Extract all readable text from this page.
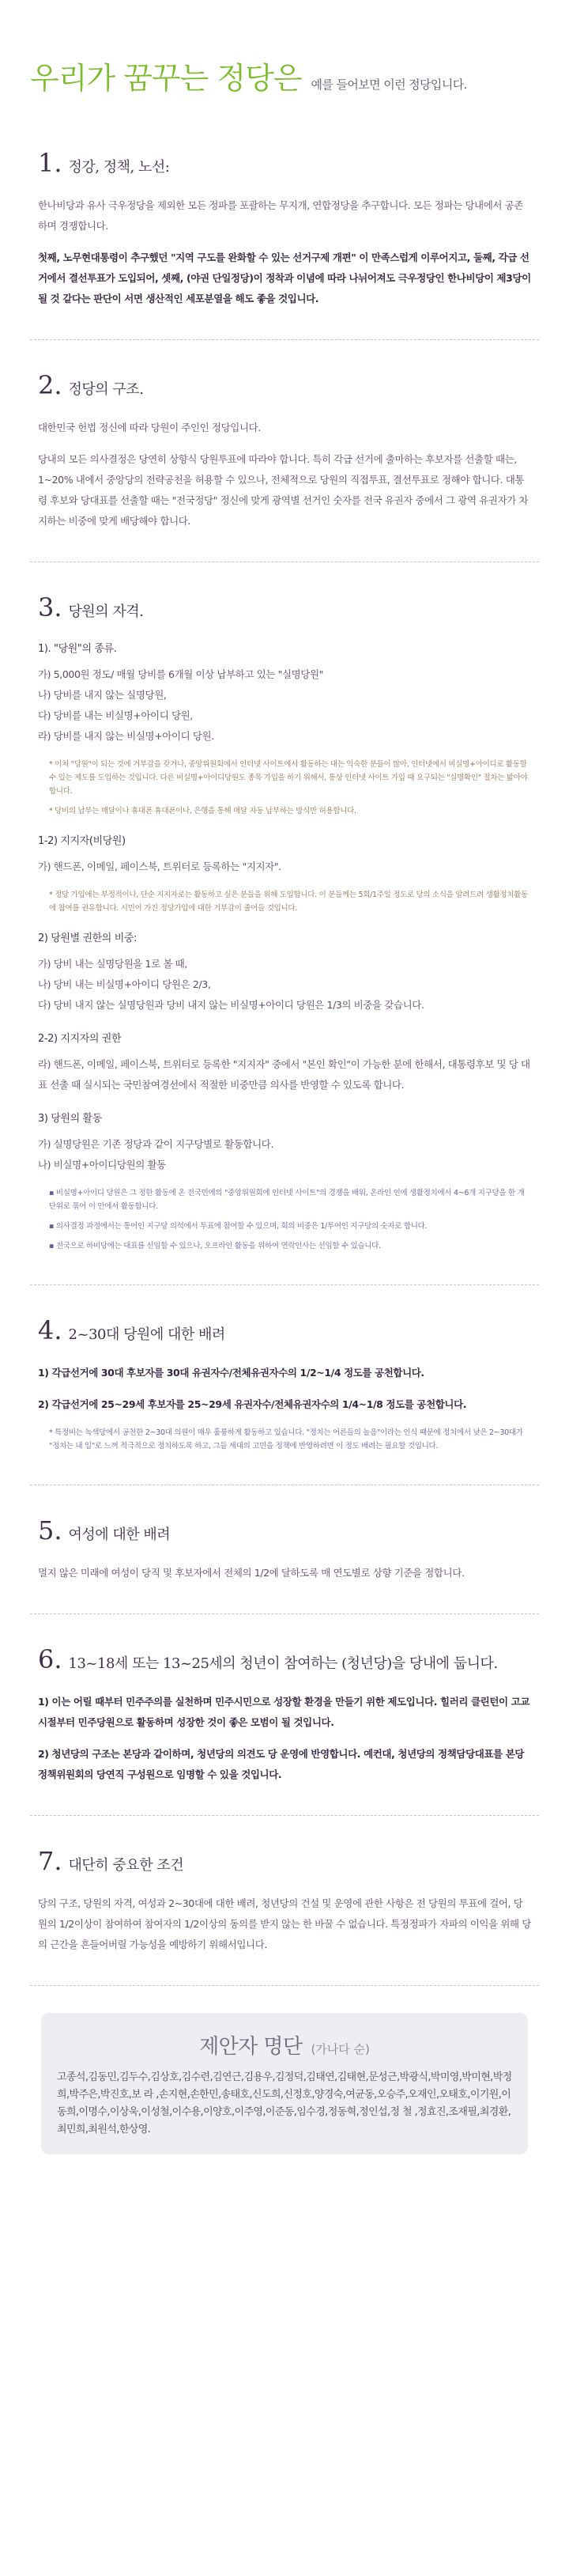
우리가 꿈꾸는 정당은 예를 들어보면 이런 정당입니다.
1. 정강, 정책, 노선:

한나비당과 유사 극우정당을 제외한 모든 정파를 포괄하는 무지개, 연합정당을 추구합니다. 모든 정파는 당내에서 공존하며 경쟁합니다.

첫째, 노무현대통령이 추구했던 "지역 구도를 완화할 수 있는 선거구제 개편" 이 만족스럽게 이루어지고, 둘째, 각급 선거에서 결선투표가 도입되어, 셋째, (야권 단일정당)이 정착과 이념에 따라 나뉘어져도 극우정당인 한나비당이 제3당이 될 것 같다는 판단이 서면 생산적인 세포분열을 해도 좋을 것입니다.

2. 정당의 구조.

대한민국 헌법 정신에 따라 당원이 주인인 정당입니다.

당내의 모든 의사결정은 당연히 상향식 당원투표에 따라야 합니다. 특히 각급 선거에 출마하는 후보자를 선출할 때는, 1~20% 내에서 중앙당의 전략공천을 허용할 수 있으나, 전체적으로 당원의 직접투표, 결선투표로 정해야 합니다. 대통령 후보와 당대표를 선출할 때는 "전국정당" 정신에 맞게 광역별 선거인 숫자를 전국 유권자 중에서 그 광역 유권자가 차지하는 비중에 맞게 배당해야 합니다.

3. 당원의 자격.
1). "당원"의 종류.
가) 5,000원 정도/ 매월 당비를 6개월 이상 납부하고 있는 "실명당원"
나) 당비를 내지 않는 실명당원,
다) 당비를 내는 비실명+아이디 당원,
라) 당비를 내지 않는 비실명+아이디 당원.
* 이처 "당원"이 되는 것에 거부감을 갖거나, 중앙위원회에서 인터넷 사이트에서 활동하는 대는 익숙한 분들이 많아, 인터넷에서 비실명+아이디로 활동할 수 있는 제도를 도입하는 것입니다. 다른 비실명+아이디당원도 종목 가입을 하기 위해서, 통상 인터넷 사이트 가입 때 요구되는 "실명확인" 절차는 밟아야 합니다.
* 당비의 납부는 매달이나 휴대폰 휴대폰이나, 은행을 통해 매달 자동 납부하는 방식만 허용합니다.
1-2) 지지자(비당원)
가) 핸드폰, 이메일, 페이스북, 트위터로 등록하는 "지지자".
* 정당 가입에는 부정적이나, 단순 지지자로는 활동하고 싶은 분들을 위해 도입합니다. 이 분들께는 5회/1주일 정도로 당의 소식을 알려드려 생활정치활동에 참여를 권유합니다. 시민이 가진 정당가입에 대한 거부감이 줄어들 것입니다.
2) 당원별 권한의 비중:
가) 당비 내는 실명당원을 1로 볼 때,
나) 당비 내는 비실명+아이디 당원은 2/3,
다) 당비 내지 않는 실명당원과 당비 내지 않는 비실명+아이디 당원은 1/3의 비중을 갖습니다.
2-2) 지지자의 권한
라) 핸드폰, 이메일, 페이스북, 트위터로 등록한 "지지자" 중에서 "본인 확인"이 가능한 분에 한해서, 대통령후보 및 당 대표 선출 때 실시되는 국민참여경선에서 적절한 비중만큼 의사를 반영할 수 있도록 합니다.
3) 당원의 활동
가) 실명당원은 기존 정당과 같이 지구당별로 활동합니다.
나) 비실명+아이디당원의 활동
▪ 비실명+아이디 당원은 그 정한 활동에 온 전국민에의 "중앙위원회에 인터넷 사이트"의 경쟁을 배워, 온라인 인에 생활정치에서 4~6개 지구당을 한 개 단위로 묶어 이 안에서 활동합니다.
▪ 의사결정 과정에서는 통어인 지구당 의석에서 투표에 참여할 수 있으며, 회의 비중은 1/투여인 지구당의 숫자로 합니다.
▪ 전국으로 하비당에는 대표를 선임할 수 있으나, 오프라인 활동을 위하여 연락인사는 선임할 수 있습니다.
4. 2~30대 당원에 대한 배려

1) 각급선거에 30대 후보자를 30대 유권자수/전체유권자수의 1/2~1/4 정도를 공천합니다.

2) 각급선거에 25~29세 후보자를 25~29세 유권자수/전체유권자수의 1/4~1/8 정도를 공천합니다.

* 특정비는 녹색당에서 공천한 2~30대 의원이 매우 훌륭하게 활동하고 있습니다. "정치는 어른들의 놀음"이라는 인식 때문에 정치에서 낮은 2~30대가 "정치는 내 일"로 느껴 적극적으로 정치하도록 하고, 그들 세대의 고민을 정책에 반영하려면 이 정도 배려는 필요할 것입니다.
5. 여성에 대한 배려

멀지 않은 미래에 여성이 당직 및 후보자에서 전체의 1/2에 달하도록 매 연도별로 상향 기준을 정합니다.

6. 13~18세 또는 13~25세의 청년이 참여하는 (청년당)을 당내에 둡니다.

1) 이는 어릴 때부터 민주주의를 실천하며 민주시민으로 성장할 환경을 만들기 위한 제도입니다. 힐러리 클린턴이 고교 시절부터 민주당원으로 활동하며 성장한 것이 좋은 모범이 될 것입니다.

2) 청년당의 구조는 본당과 같이하며, 청년당의 의견도 당 운영에 반영합니다. 예컨대, 청년당의 정책담당대표를 본당 정책위원회의 당연직 구성원으로 임명할 수 있을 것입니다.

7. 대단히 중요한 조건

당의 구조, 당원의 자격, 여성과 2~30대에 대한 배려, 청년당의 건설 및 운영에 관한 사항은 전 당원의 투표에 걸어, 당원의 1/2이상이 참여하여 참여자의 1/2이상의 동의를 받지 않는 한 바꿀 수 없습니다. 특정정파가 자파의 이익을 위해 당의 근간을 흔들어버릴 가능성을 예방하기 위해서입니다.

제안자 명단 (가나다 순)
고종석,김동민,김두수,김상호,김수련,김연근,김용우,김정덕,김태연,김태현,문성근,박광식,박미영,박미현,박정희,박주은,박진호,보 라 ,손지현,손한민,송태호,신도희,신정호,양경숙,여균동,오승주,오재인,오태호,이기원,이동희,이명수,이상욱,이성철,이수용,이양호,이주영,이준동,임수경,정동혁,정인섭,정 철 ,정효진,조재필,최경환,최민희,최원석,한상영.
